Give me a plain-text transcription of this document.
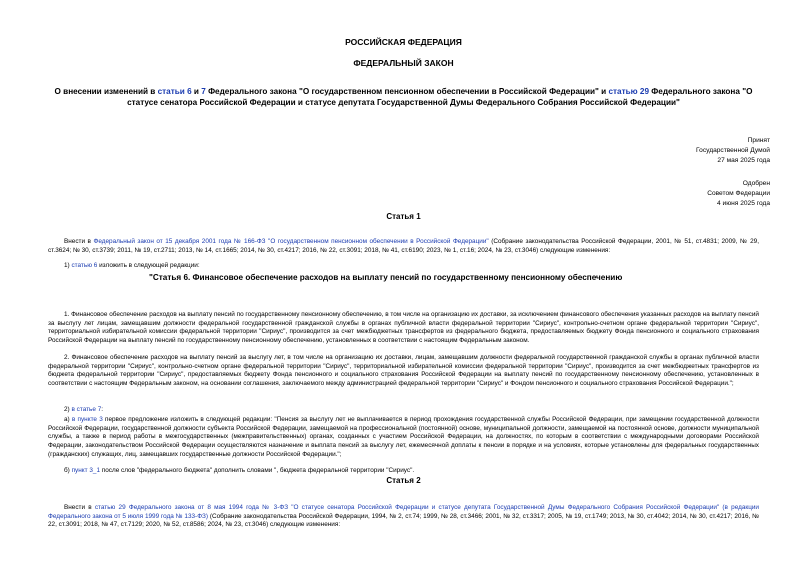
РОССИЙСКАЯ ФЕДЕРАЦИЯ
ФЕДЕРАЛЬНЫЙ ЗАКОН
О внесении изменений в статьи 6 и 7 Федерального закона "О государственном пенсионном обеспечении в Российской Федерации" и статью 29 Федерального закона "О статусе сенатора Российской Федерации и статусе депутата Государственной Думы Федерального Собрания Российской Федерации"
Принят
Государственной Думой
27 мая 2025 года
Одобрен
Советом Федерации
4 июня 2025 года
Статья 1
Внести в Федеральный закон от 15 декабря 2001 года № 166-ФЗ "О государственном пенсионном обеспечении в Российской Федерации" (Собрание законодательства Российской Федерации, 2001, № 51, ст.4831; 2009, № 29, ст.3624; № 30, ст.3739; 2011, № 19, ст.2711; 2013, № 14, ст.1665; 2014, № 30, ст.4217; 2016, № 22, ст.3091; 2018, № 41, ст.6190; 2023, № 1, ст.16; 2024, № 23, ст.3046) следующие изменения:
1) статью 6 изложить в следующей редакции:
"Статья 6. Финансовое обеспечение расходов на выплату пенсий по государственному пенсионному обеспечению
1. Финансовое обеспечение расходов на выплату пенсий по государственному пенсионному обеспечению, в том числе на организацию их доставки, за исключением финансового обеспечения указанных расходов на выплату пенсий за выслугу лет лицам, замещавшим должности федеральной государственной гражданской службы в органах публичной власти федеральной территории "Сириус", контрольно-счетном органе федеральной территории "Сириус", территориальной избирательной комиссии федеральной территории "Сириус", производится за счет межбюджетных трансфертов из федерального бюджета, предоставляемых бюджету Фонда пенсионного и социального страхования Российской Федерации на выплату пенсий по государственному пенсионному обеспечению, установленных в соответствии с настоящим Федеральным законом.
2. Финансовое обеспечение расходов на выплату пенсий за выслугу лет, в том числе на организацию их доставки, лицам, замещавшим должности федеральной государственной гражданской службы в органах публичной власти федеральной территории "Сириус", контрольно-счетном органе федеральной территории "Сириус", территориальной избирательной комиссии федеральной территории "Сириус", производится за счет межбюджетных трансфертов из бюджета федеральной территории "Сириус", предоставляемых бюджету Фонда пенсионного и социального страхования Российской Федерации на выплату пенсий по государственному пенсионному обеспечению, установленных в соответствии с настоящим Федеральным законом, на основании соглашения, заключаемого между администрацией федеральной территории "Сириус" и Фондом пенсионного и социального страхования Российской Федерации.";
2) в статье 7:
а) в пункте 3 первое предложение изложить в следующей редакции: "Пенсия за выслугу лет не выплачивается в период прохождения государственной службы Российской Федерации, при замещении государственной должности Российской Федерации, государственной должности субъекта Российской Федерации, замещаемой на профессиональной (постоянной) основе, муниципальной должности, замещаемой на постоянной основе, должности муниципальной службы, а также в период работы в межгосударственных (межправительственных) органах, созданных с участием Российской Федерации, на должностях, по которым в соответствии с международными договорами Российской Федерации, законодательством Российской Федерации осуществляются назначение и выплата пенсий за выслугу лет, ежемесячной доплаты к пенсии в порядке и на условиях, которые установлены для федеральных государственных (гражданских) служащих, лиц, замещавших государственные должности Российской Федерации.";
б) пункт 3_1 после слов "федерального бюджета" дополнить словами ", бюджета федеральной территории "Сириус".
Статья 2
Внести в статью 29 Федерального закона от 8 мая 1994 года № 3-ФЗ "О статусе сенатора Российской Федерации и статусе депутата Государственной Думы Федерального Собрания Российской Федерации" (в редакции Федерального закона от 5 июля 1999 года № 133-ФЗ) (Собрание законодательства Российской Федерации, 1994, № 2, ст.74; 1999, № 28, ст.3466; 2001, № 32, ст.3317; 2005, № 19, ст.1749; 2013, № 30, ст.4042; 2014, № 30, ст.4217; 2016, № 22, ст.3091; 2018, № 47, ст.7129; 2020, № 52, ст.8586; 2024, № 23, ст.3046) следующие изменения:
